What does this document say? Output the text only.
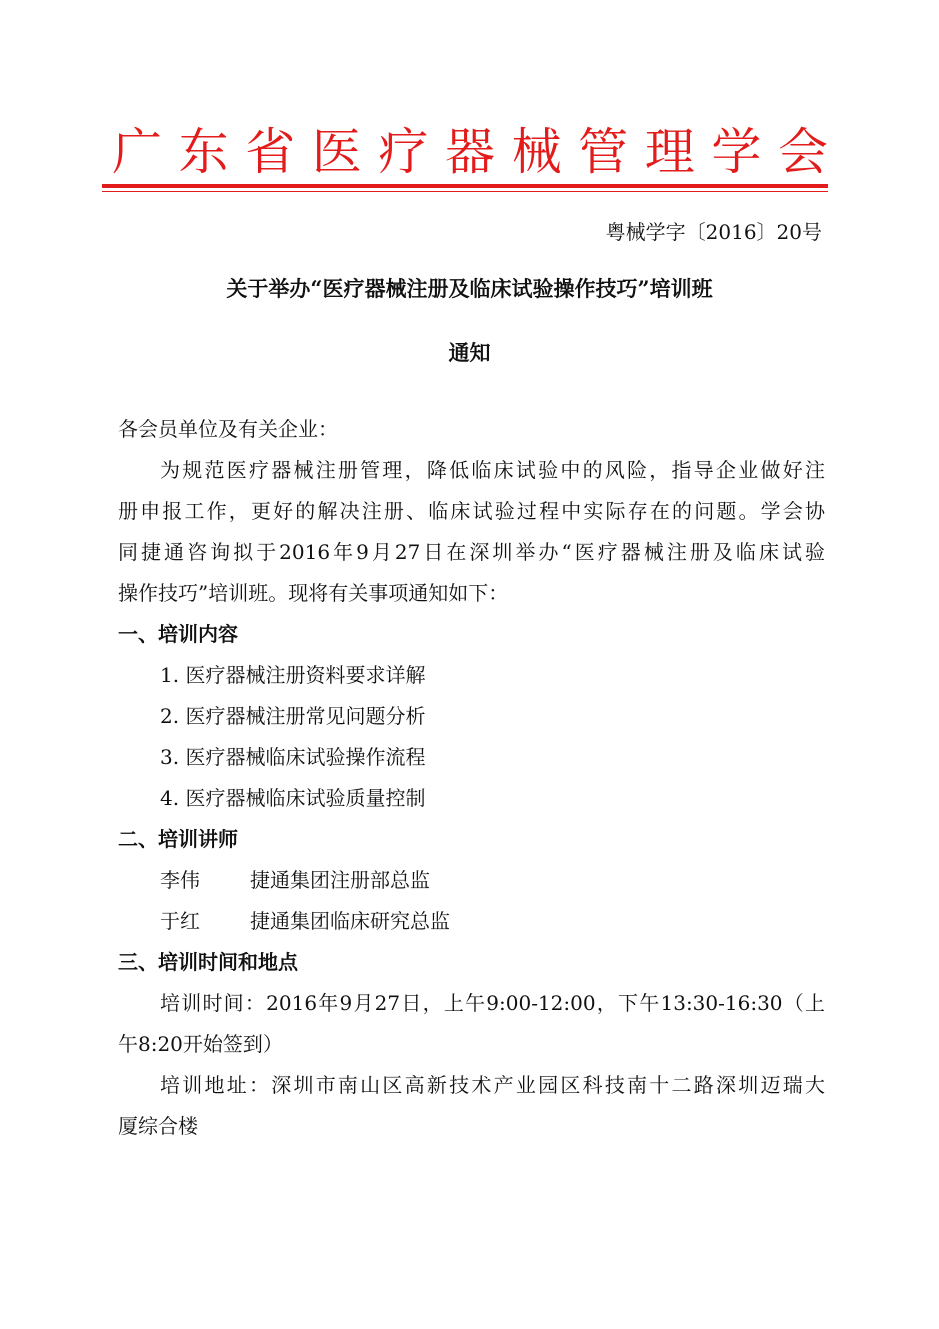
广 东 省 医 疗 器 械 管 理 学 会
粤械学字〔2016〕20号
关于举办“医疗器械注册及临床试验操作技巧”培训班
通知
各会员单位及有关企业：
为规范医疗器械注册管理，降低临床试验中的风险，指导企业做好注
册申报工作，更好的解决注册、临床试验过程中实际存在的问题。学会协
同捷通咨询拟于2016年9月27日在深圳举办“医疗器械注册及临床试验
操作技巧”培训班。现将有关事项通知如下：
一、培训内容
1. 医疗器械注册资料要求详解
2. 医疗器械注册常见问题分析
3. 医疗器械临床试验操作流程
4. 医疗器械临床试验质量控制
二、培训讲师
李伟	捷通集团注册部总监
于红	捷通集团临床研究总监
三、培训时间和地点
培训时间：2016年9月27日，上午9:00-12:00，下午13:30-16:30（上
午8:20开始签到）
培训地址：深圳市南山区高新技术产业园区科技南十二路深圳迈瑞大
厦综合楼
